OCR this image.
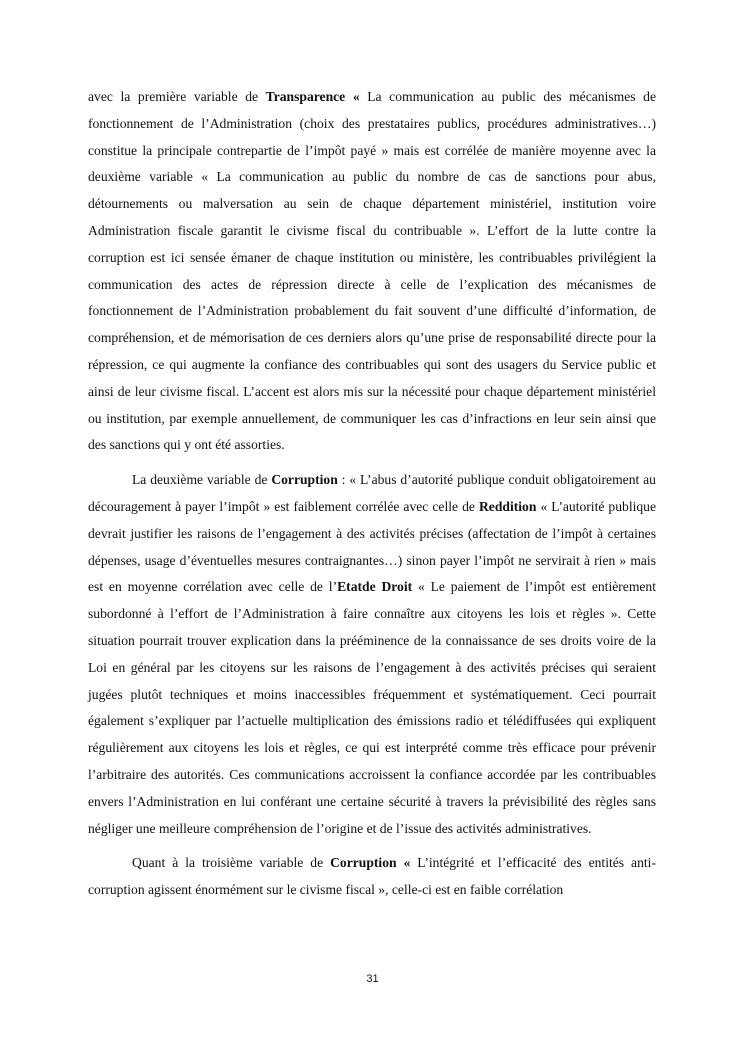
avec la première variable de Transparence « La communication au public des mécanismes de fonctionnement de l’Administration (choix des prestataires publics, procédures administratives…) constitue la principale contrepartie de l’impôt payé » mais est corrélée de manière moyenne avec la deuxième variable « La communication au public du nombre de cas de sanctions pour abus, détournements ou malversation au sein de chaque département ministériel, institution voire Administration fiscale garantit le civisme fiscal du contribuable ». L’effort de la lutte contre la corruption est ici sensée émaner de chaque institution ou ministère, les contribuables privilégient la communication des actes de répression directe à celle de l’explication des mécanismes de fonctionnement de l’Administration probablement du fait souvent d’une difficulté d’information, de compréhension, et de mémorisation de ces derniers alors qu’une prise de responsabilité directe pour la répression, ce qui augmente la confiance des contribuables qui sont des usagers du Service public et ainsi de leur civisme fiscal. L’accent est alors mis sur la nécessité pour chaque département ministériel ou institution, par exemple annuellement, de communiquer les cas d’infractions en leur sein ainsi que des sanctions qui y ont été assorties.

La deuxième variable de Corruption : « L’abus d’autorité publique conduit obligatoirement au découragement à payer l’impôt » est faiblement corrélée avec celle de Reddition « L’autorité publique devrait justifier les raisons de l’engagement à des activités précises (affectation de l’impôt à certaines dépenses, usage d’éventuelles mesures contraignantes…) sinon payer l’impôt ne servirait à rien » mais est en moyenne corrélation avec celle de l’Etatde Droit « Le paiement de l’impôt est entièrement subordonné à l’effort de l’Administration à faire connaître aux citoyens les lois et règles ». Cette situation pourrait trouver explication dans la prééminence de la connaissance de ses droits voire de la Loi en général par les citoyens sur les raisons de l’engagement à des activités précises qui seraient jugées plutôt techniques et moins inaccessibles fréquemment et systématiquement. Ceci pourrait également s’expliquer par l’actuelle multiplication des émissions radio et télédiffusées qui expliquent régulièrement aux citoyens les lois et règles, ce qui est interprété comme très efficace pour prévenir l’arbitraire des autorités. Ces communications accroissent la confiance accordée par les contribuables envers l’Administration en lui conférant une certaine sécurité à travers la prévisibilité des règles sans négliger une meilleure compréhension de l’origine et de l’issue des activités administratives.

Quant à la troisième variable de Corruption « L’intégrité et l’efficacité des entités anti-corruption agissent énormément sur le civisme fiscal », celle-ci est en faible corrélation

31
